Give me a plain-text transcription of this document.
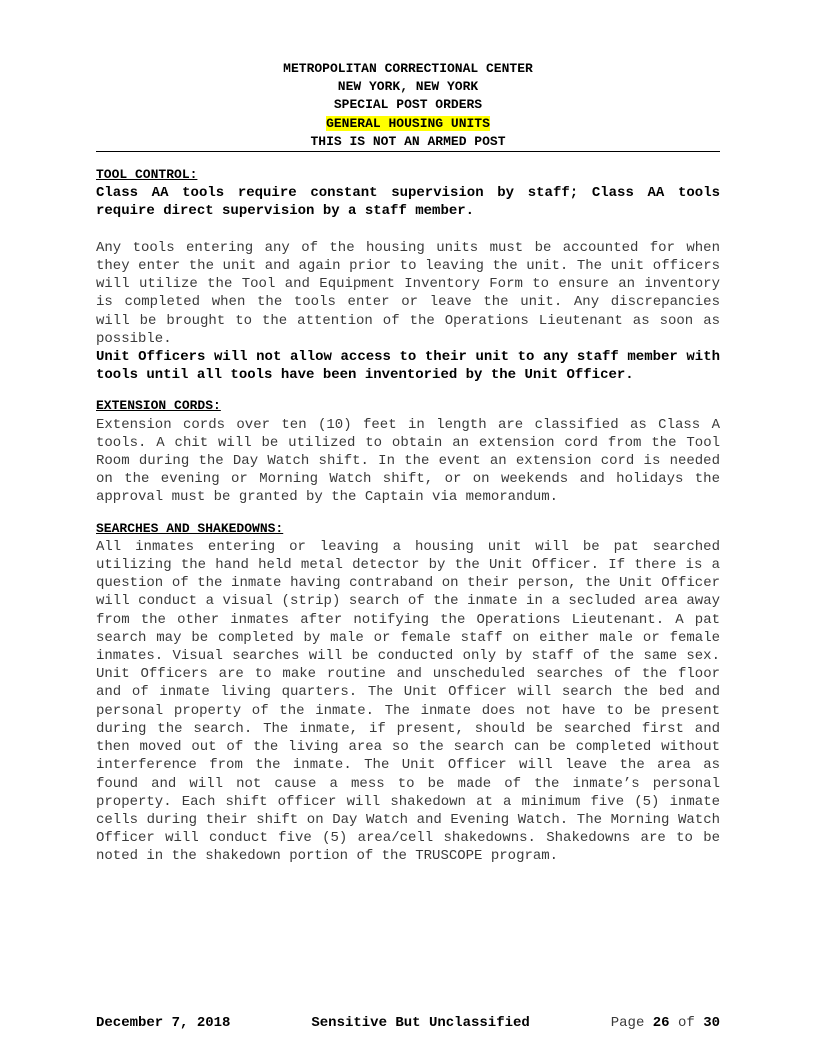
METROPOLITAN CORRECTIONAL CENTER
NEW YORK, NEW YORK
SPECIAL POST ORDERS
GENERAL HOUSING UNITS
THIS IS NOT AN ARMED POST
TOOL CONTROL:

Class AA tools require constant supervision by staff; Class AA tools require direct supervision by a staff member.

Any tools entering any of the housing units must be accounted for when they enter the unit and again prior to leaving the unit. The unit officers will utilize the Tool and Equipment Inventory Form to ensure an inventory is completed when the tools enter or leave the unit. Any discrepancies will be brought to the attention of the Operations Lieutenant as soon as possible.

Unit Officers will not allow access to their unit to any staff member with tools until all tools have been inventoried by the Unit Officer.

EXTENSION CORDS:

Extension cords over ten (10) feet in length are classified as Class A tools. A chit will be utilized to obtain an extension cord from the Tool Room during the Day Watch shift. In the event an extension cord is needed on the evening or Morning Watch shift, or on weekends and holidays the approval must be granted by the Captain via memorandum.

SEARCHES AND SHAKEDOWNS:

All inmates entering or leaving a housing unit will be pat searched utilizing the hand held metal detector by the Unit Officer. If there is a question of the inmate having contraband on their person, the Unit Officer will conduct a visual (strip) search of the inmate in a secluded area away from the other inmates after notifying the Operations Lieutenant. A pat search may be completed by male or female staff on either male or female inmates. Visual searches will be conducted only by staff of the same sex. Unit Officers are to make routine and unscheduled searches of the floor and of inmate living quarters. The Unit Officer will search the bed and personal property of the inmate. The inmate does not have to be present during the search. The inmate, if present, should be searched first and then moved out of the living area so the search can be completed without interference from the inmate. The Unit Officer will leave the area as found and will not cause a mess to be made of the inmate’s personal property. Each shift officer will shakedown at a minimum five (5) inmate cells during their shift on Day Watch and Evening Watch. The Morning Watch Officer will conduct five (5) area/cell shakedowns. Shakedowns are to be noted in the shakedown portion of the TRUSCOPE program.

December 7, 2018	Sensitive But Unclassified	Page 26 of 30
